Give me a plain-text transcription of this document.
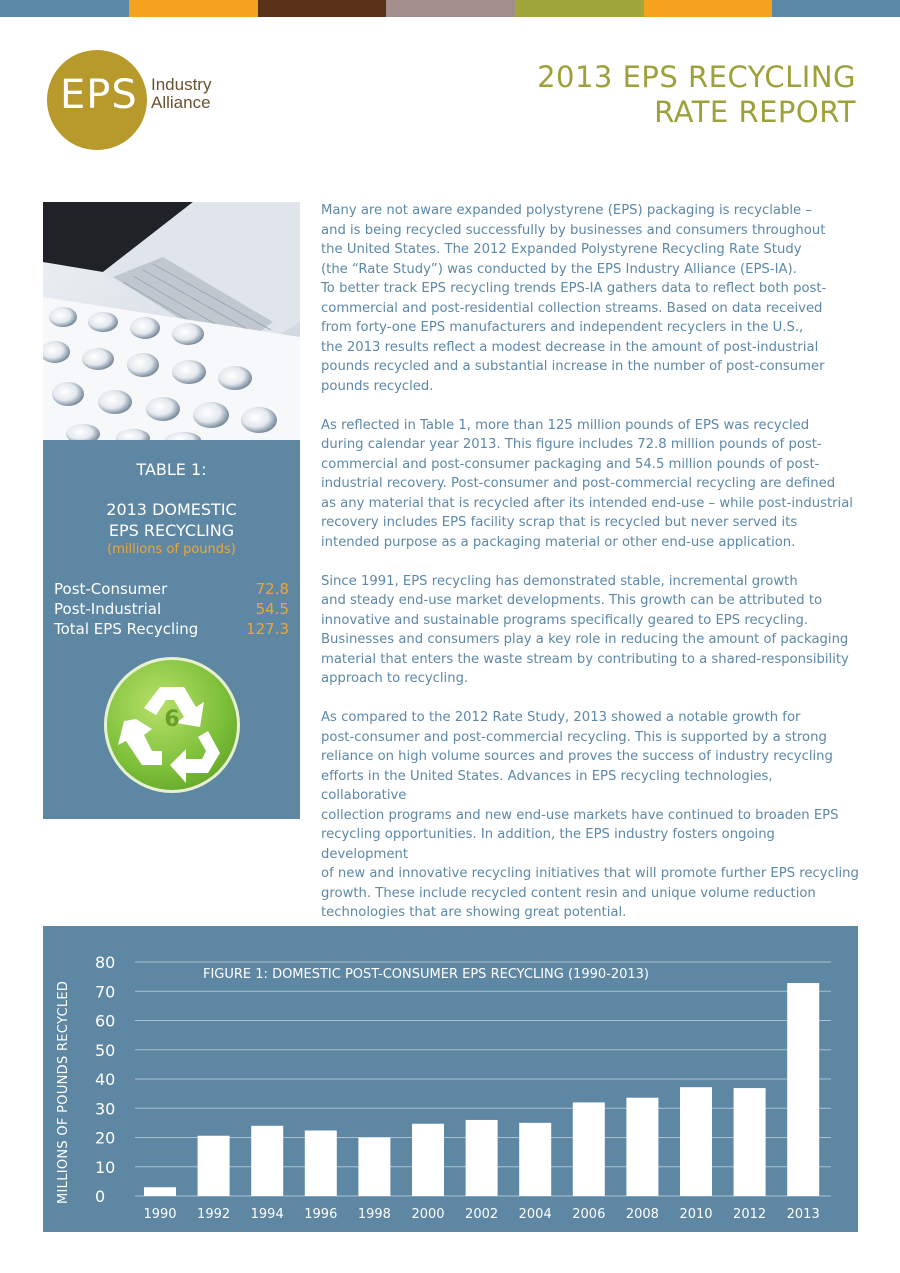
EPS Industry
Alliance
2013 EPS RECYCLING
RATE REPORT
TABLE 1:
2013 DOMESTIC
EPS RECYCLING
(millions of pounds)
Post-Consumer	72.8
Post-Industrial	54.5
Total EPS Recycling	127.3
6

Many are not aware expanded polystyrene (EPS) packaging is recyclable –
and is being recycled successfully by businesses and consumers throughout
the United States. The 2012 Expanded Polystyrene Recycling Rate Study
(the “Rate Study”) was conducted by the EPS Industry Alliance (EPS-IA).
To better track EPS recycling trends EPS-IA gathers data to reflect both post-
commercial and post-residential collection streams. Based on data received
from forty-one EPS manufacturers and independent recyclers in the U.S.,
the 2013 results reflect a modest decrease in the amount of post-industrial
pounds recycled and a substantial increase in the number of post-consumer
pounds recycled.

As reflected in Table 1, more than 125 million pounds of EPS was recycled
during calendar year 2013. This figure includes 72.8 million pounds of post-
commercial and post-consumer packaging and 54.5 million pounds of post-
industrial recovery. Post-consumer and post-commercial recycling are defined
as any material that is recycled after its intended end-use – while post-industrial
recovery includes EPS facility scrap that is recycled but never served its
intended purpose as a packaging material or other end-use application.

Since 1991, EPS recycling has demonstrated stable, incremental growth
and steady end-use market developments. This growth can be attributed to
innovative and sustainable programs specifically geared to EPS recycling.
Businesses and consumers play a key role in reducing the amount of packaging
material that enters the waste stream by contributing to a shared-responsibility
approach to recycling.

As compared to the 2012 Rate Study, 2013 showed a notable growth for
post-consumer and post-commercial recycling. This is supported by a strong
reliance on high volume sources and proves the success of industry recycling
efforts in the United States. Advances in EPS recycling technologies, collaborative
collection programs and new end-use markets have continued to broaden EPS
recycling opportunities. In addition, the EPS industry fosters ongoing development
of new and innovative recycling initiatives that will promote further EPS recycling
growth. These include recycled content resin and unique volume reduction
technologies that are showing great potential.

0
10
20
30
40
50
60
70
80
1990 1992 1994 1996 1998 2000 2002 2004 2006 2008 2010 2012 2013
MILLIONS OF POUNDS RECYCLED
FIGURE 1: DOMESTIC POST-CONSUMER EPS RECYCLING (1990-2013)
